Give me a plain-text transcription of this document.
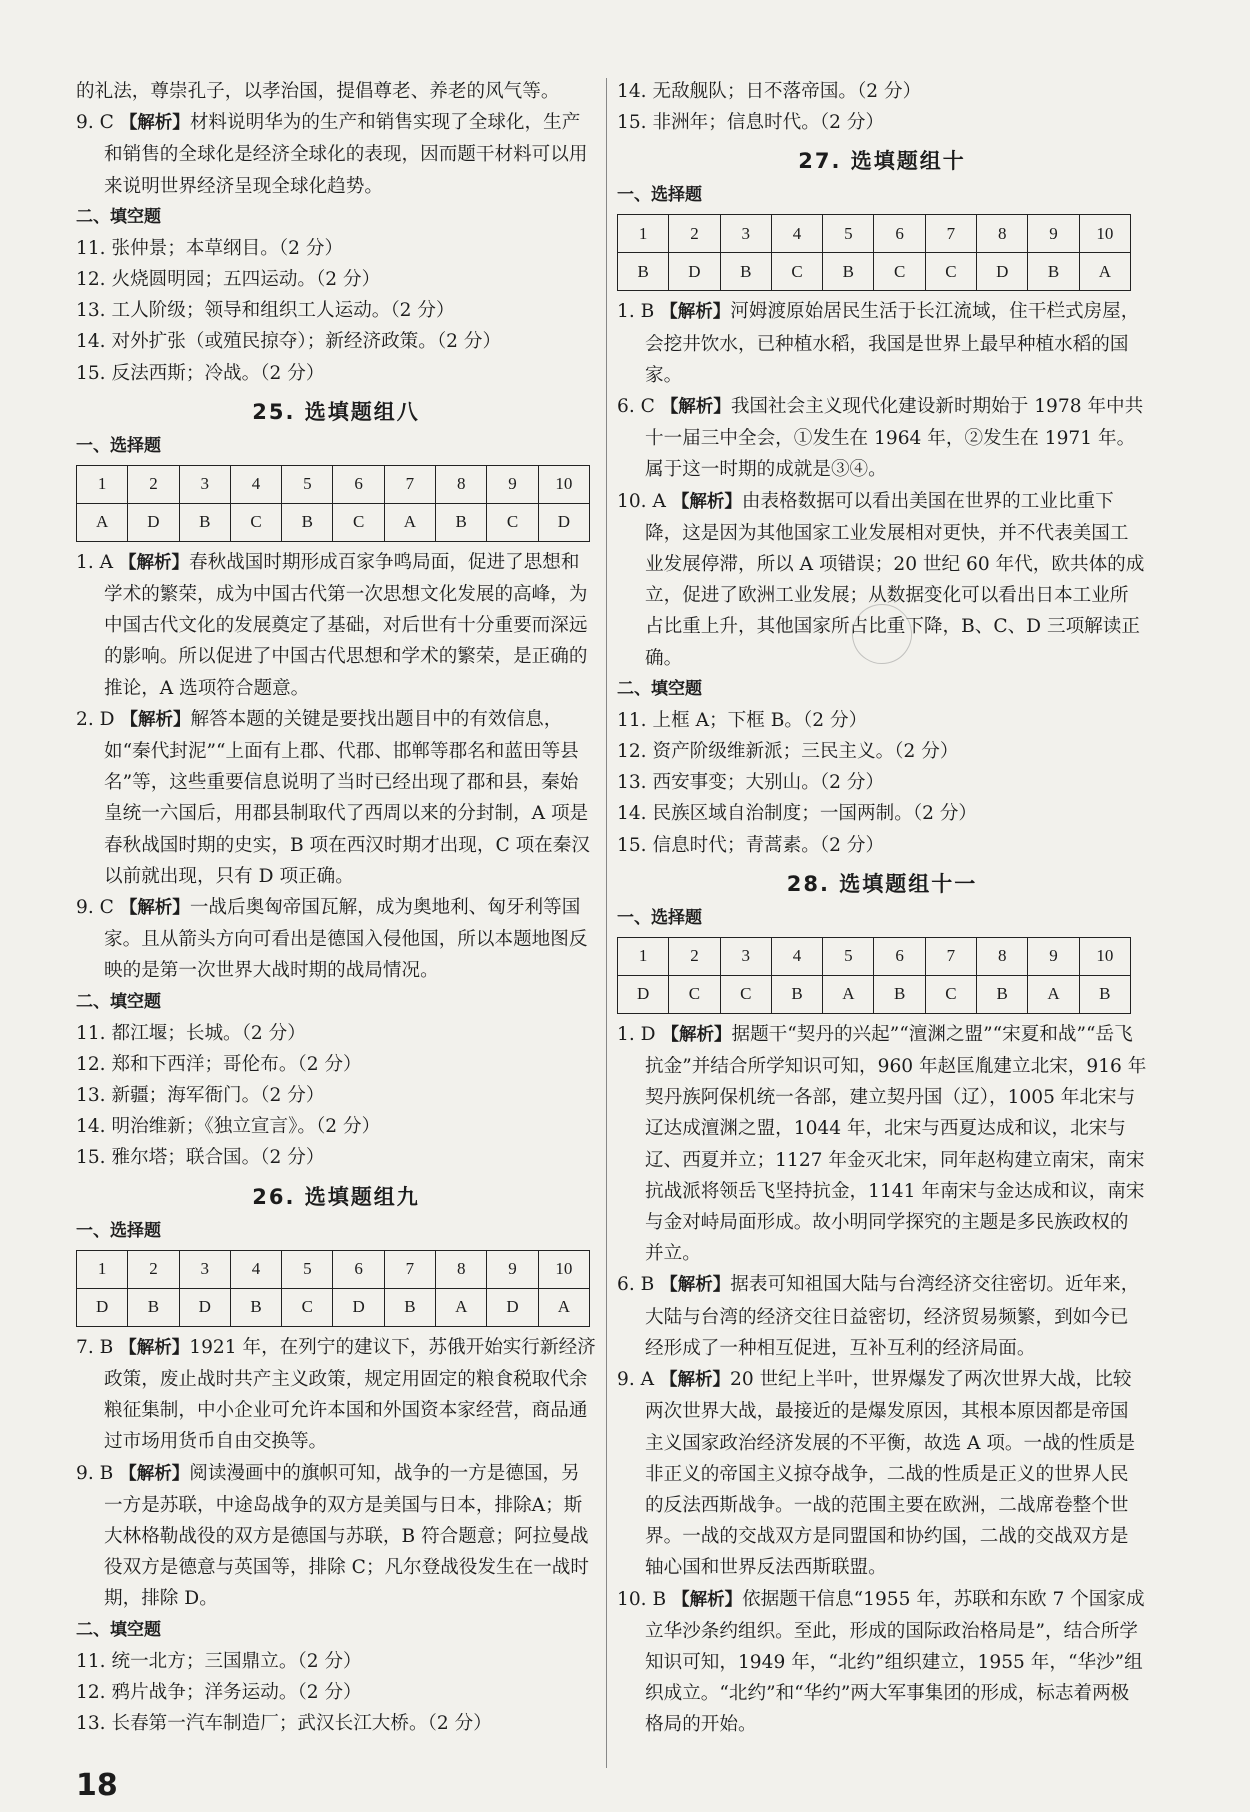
的礼法，尊崇孔子，以孝治国，提倡尊老、养老的风气等。

9. C 【解析】材料说明华为的生产和销售实现了全球化，生产和销售的全球化是经济全球化的表现，因而题干材料可以用来说明世界经济呈现全球化趋势。

二、填空题

11. 张仲景；本草纲目。（2 分）

12. 火烧圆明园；五四运动。（2 分）

13. 工人阶级；领导和组织工人运动。（2 分）

14. 对外扩张（或殖民掠夺）；新经济政策。（2 分）

15. 反法西斯；冷战。（2 分）

25. 选填题组八

一、选择题

1	2	3	4	5	6	7	8	9	10
A	D	B	C	B	C	A	B	C	D

1. A 【解析】春秋战国时期形成百家争鸣局面，促进了思想和学术的繁荣，成为中国古代第一次思想文化发展的高峰，为中国古代文化的发展奠定了基础，对后世有十分重要而深远的影响。所以促进了中国古代思想和学术的繁荣，是正确的推论，A 选项符合题意。

2. D 【解析】解答本题的关键是要找出题目中的有效信息，如“秦代封泥”“上面有上郡、代郡、邯郸等郡名和蓝田等县名”等，这些重要信息说明了当时已经出现了郡和县，秦始皇统一六国后，用郡县制取代了西周以来的分封制，A 项是春秋战国时期的史实，B 项在西汉时期才出现，C 项在秦汉以前就出现，只有 D 项正确。

9. C 【解析】一战后奥匈帝国瓦解，成为奥地利、匈牙利等国家。且从箭头方向可看出是德国入侵他国，所以本题地图反映的是第一次世界大战时期的战局情况。

二、填空题

11. 都江堰；长城。（2 分）

12. 郑和下西洋；哥伦布。（2 分）

13. 新疆；海军衙门。（2 分）

14. 明治维新；《独立宣言》。（2 分）

15. 雅尔塔；联合国。（2 分）

26. 选填题组九

一、选择题

1	2	3	4	5	6	7	8	9	10
D	B	D	B	C	D	B	A	D	A

7. B 【解析】1921 年，在列宁的建议下，苏俄开始实行新经济政策，废止战时共产主义政策，规定用固定的粮食税取代余粮征集制，中小企业可允许本国和外国资本家经营，商品通过市场用货币自由交换等。

9. B 【解析】阅读漫画中的旗帜可知，战争的一方是德国，另一方是苏联，中途岛战争的双方是美国与日本，排除A；斯大林格勒战役的双方是德国与苏联，B 符合题意；阿拉曼战役双方是德意与英国等，排除 C；凡尔登战役发生在一战时期，排除 D。

二、填空题

11. 统一北方；三国鼎立。（2 分）

12. 鸦片战争；洋务运动。（2 分）

13. 长春第一汽车制造厂；武汉长江大桥。（2 分）

14. 无敌舰队；日不落帝国。（2 分）

15. 非洲年；信息时代。（2 分）

27. 选填题组十

一、选择题

1	2	3	4	5	6	7	8	9	10
B	D	B	C	B	C	C	D	B	A

1. B 【解析】河姆渡原始居民生活于长江流域，住干栏式房屋，会挖井饮水，已种植水稻，我国是世界上最早种植水稻的国家。

6. C 【解析】我国社会主义现代化建设新时期始于 1978 年中共十一届三中全会，①发生在 1964 年，②发生在 1971 年。属于这一时期的成就是③④。

10. A 【解析】由表格数据可以看出美国在世界的工业比重下降，这是因为其他国家工业发展相对更快，并不代表美国工业发展停滞，所以 A 项错误；20 世纪 60 年代，欧共体的成立，促进了欧洲工业发展；从数据变化可以看出日本工业所占比重上升，其他国家所占比重下降，B、C、D 三项解读正确。

二、填空题

11. 上框 A；下框 B。（2 分）

12. 资产阶级维新派；三民主义。（2 分）

13. 西安事变；大别山。（2 分）

14. 民族区域自治制度；一国两制。（2 分）

15. 信息时代；青蒿素。（2 分）

28. 选填题组十一

一、选择题

1	2	3	4	5	6	7	8	9	10
D	C	C	B	A	B	C	B	A	B

1. D 【解析】据题干“契丹的兴起”“澶渊之盟”“宋夏和战”“岳飞抗金”并结合所学知识可知，960 年赵匡胤建立北宋，916 年契丹族阿保机统一各部，建立契丹国（辽），1005 年北宋与辽达成澶渊之盟，1044 年，北宋与西夏达成和议，北宋与辽、西夏并立；1127 年金灭北宋，同年赵构建立南宋，南宋抗战派将领岳飞坚持抗金，1141 年南宋与金达成和议，南宋与金对峙局面形成。故小明同学探究的主题是多民族政权的并立。

6. B 【解析】据表可知祖国大陆与台湾经济交往密切。近年来，大陆与台湾的经济交往日益密切，经济贸易频繁，到如今已经形成了一种相互促进，互补互利的经济局面。

9. A 【解析】20 世纪上半叶，世界爆发了两次世界大战，比较两次世界大战，最接近的是爆发原因，其根本原因都是帝国主义国家政治经济发展的不平衡，故选 A 项。一战的性质是非正义的帝国主义掠夺战争，二战的性质是正义的世界人民的反法西斯战争。一战的范围主要在欧洲，二战席卷整个世界。一战的交战双方是同盟国和协约国，二战的交战双方是轴心国和世界反法西斯联盟。

10. B 【解析】依据题干信息“1955 年，苏联和东欧 7 个国家成立华沙条约组织。至此，形成的国际政治格局是”，结合所学知识可知，1949 年，“北约”组织建立，1955 年，“华沙”组织成立。“北约”和“华约”两大军事集团的形成，标志着两极格局的开始。

18
